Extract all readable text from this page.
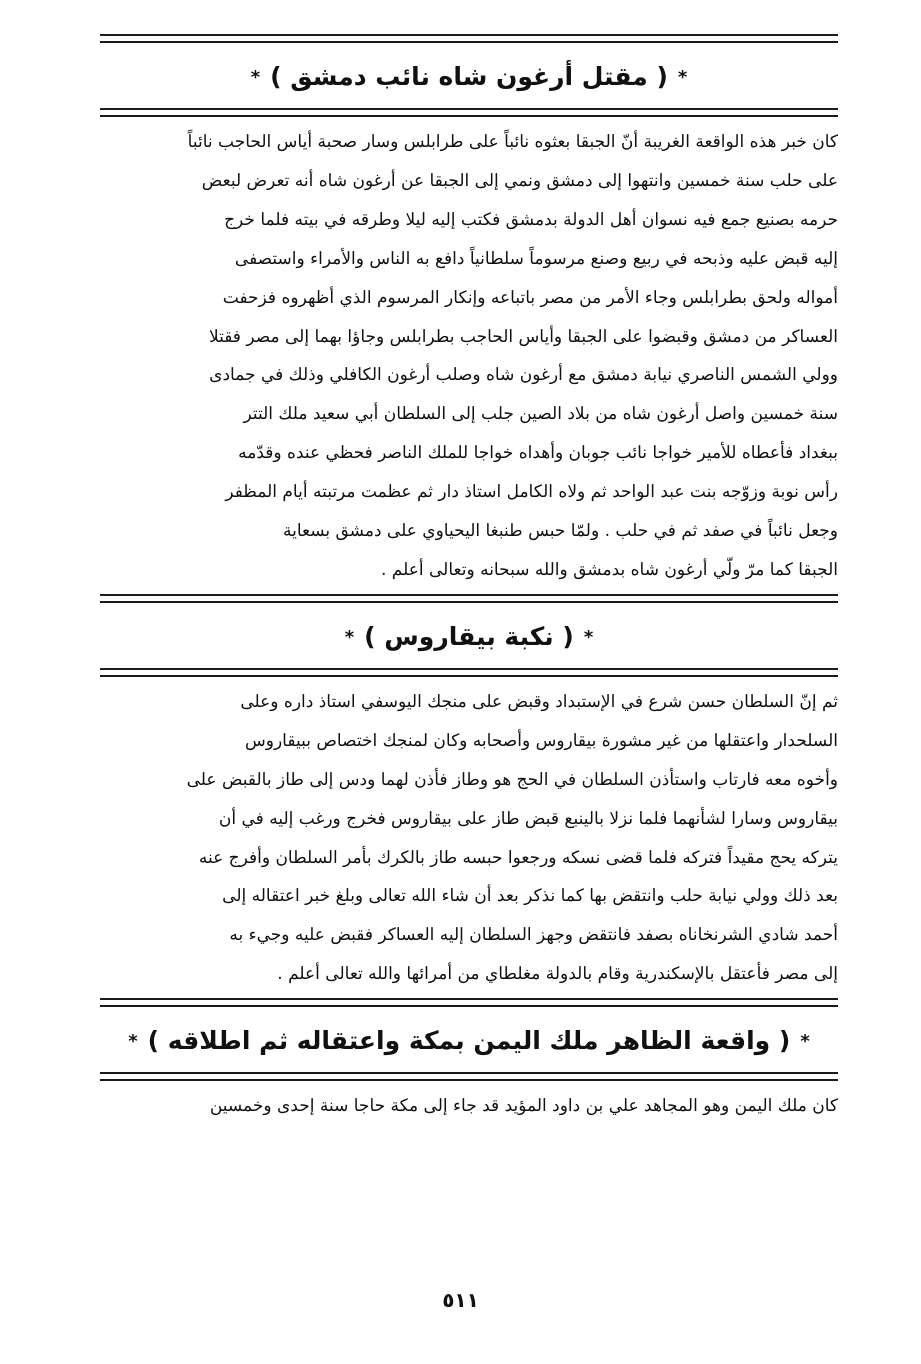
*( مقتل أرغون شاه نائب دمشق )*
كان خبر هذه الواقعة الغريبة أنّ الجبقا بعثوه نائباً على طرابلس وسار صحبة أياس الحاجب نائباً
على حلب سنة خمسين وانتهوا إلى دمشق ونمي إلى الجبقا عن أرغون شاه أنه تعرض لبعض
حرمه بصنيع جمع فيه نسوان أهل الدولة بدمشق فكتب إليه ليلا وطرقه في بيته فلما خرج
إليه قبض عليه وذبحه في ربيع وصنع مرسوماً سلطانياً دافع به الناس والأمراء واستصفى
أمواله ولحق بطرابلس وجاء الأمر من مصر باتباعه وإنكار المرسوم الذي أظهروه فزحفت
العساكر من دمشق وقبضوا على الجبقا وأياس الحاجب بطرابلس وجاؤا بهما إلى مصر فقتلا
وولي الشمس الناصري نيابة دمشق مع أرغون شاه وصلب أرغون الكافلي وذلك في جمادى
سنة خمسين واصل أرغون شاه من بلاد الصين جلب إلى السلطان أبي سعيد ملك التتر
ببغداد فأعطاه للأمير خواجا نائب جوبان وأهداه خواجا للملك الناصر فحظي عنده وقدّمه
رأس نوبة وزوّجه بنت عبد الواحد ثم ولاه الكامل استاذ دار ثم عظمت مرتبته أيام المظفر
وجعل نائباً في صفد ثم في حلب . ولمّا حبس طنبغا اليحياوي على دمشق بسعاية
الجبقا كما مرّ ولّي أرغون شاه بدمشق والله سبحانه وتعالى أعلم .
*( نكبة بيقاروس )*
ثم إنّ السلطان حسن شرع في الإستبداد وقبض على منجك اليوسفي استاذ داره وعلى
السلحدار واعتقلها من غير مشورة بيقاروس وأصحابه وكان لمنجك اختصاص ببيقاروس
وأخوه معه فارتاب واستأذن السلطان في الحج هو وطاز فأذن لهما ودس إلى طاز بالقبض على
بيقاروس وسارا لشأنهما فلما نزلا بالينبع قبض طاز على بيقاروس فخرج ورغب إليه في أن
يتركه يحج مقيداً فتركه فلما قضى نسكه ورجعوا حبسه طاز بالكرك بأمر السلطان وأفرج عنه
بعد ذلك وولي نيابة حلب وانتقض بها كما نذكر بعد أن شاء الله تعالى وبلغ خبر اعتقاله إلى
أحمد شادي الشرنخاناه بصفد فانتقض وجهز السلطان إليه العساكر فقبض عليه وجيء به
إلى مصر فأعتقل بالإسكندرية وقام بالدولة مغلطاي من أمرائها والله تعالى أعلم .
*( واقعة الظاهر ملك اليمن بمكة واعتقاله ثم اطلاقه )*
كان ملك اليمن وهو المجاهد علي بن داود المؤيد قد جاء إلى مكة حاجا سنة إحدى وخمسين
٥١١
